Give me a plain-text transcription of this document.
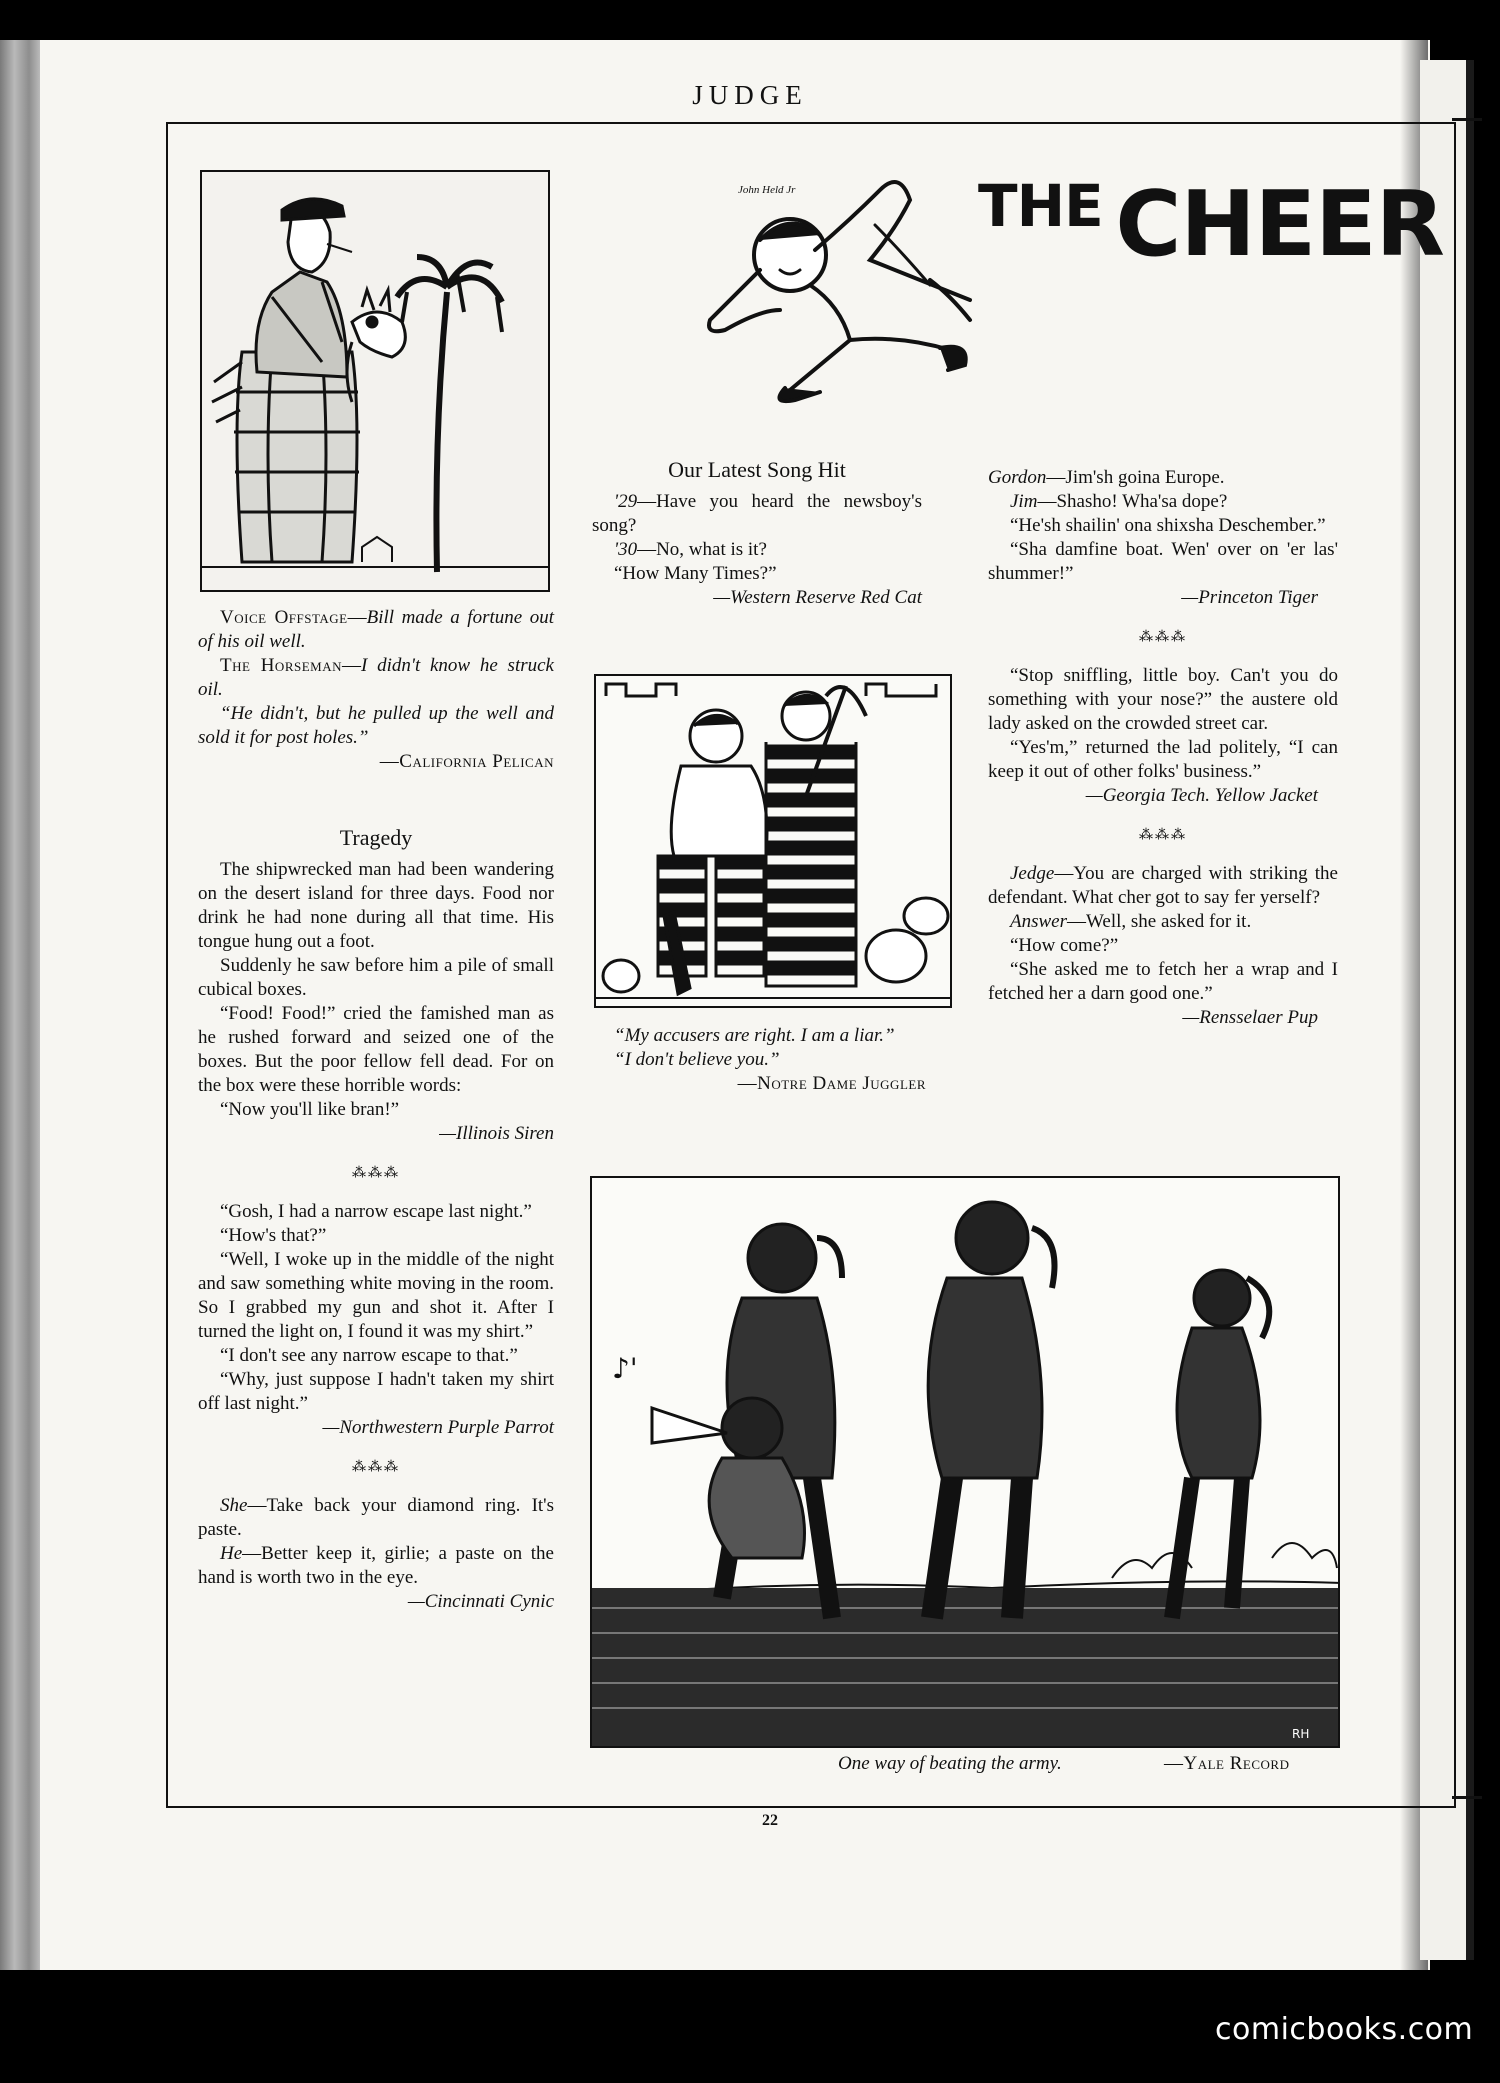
JUDGE
John Held Jr	THE CHEER

Voice Offstage—Bill made a fortune out of his oil well.

The Horseman—I didn't know he struck oil.

“He didn't, but he pulled up the well and sold it for post holes.”

—California Pelican
Tragedy

The shipwrecked man had been wandering on the desert island for three days. Food nor drink he had none during all that time. His tongue hung out a foot.

Suddenly he saw before him a pile of small cubical boxes.

“Food! Food!” cried the famished man as he rushed forward and seized one of the boxes. But the poor fellow fell dead. For on the box were these horrible words:

“Now you'll like bran!”

—Illinois Siren
⁂⁂⁂

“Gosh, I had a narrow escape last night.”

“How's that?”

“Well, I woke up in the middle of the night and saw something white moving in the room. So I grabbed my gun and shot it. After I turned the light on, I found it was my shirt.”

“I don't see any narrow escape to that.”

“Why, just suppose I hadn't taken my shirt off last night.”

—Northwestern Purple Parrot
⁂⁂⁂

She—Take back your diamond ring. It's paste.

He—Better keep it, girlie; a paste on the hand is worth two in the eye.

—Cincinnati Cynic
Our Latest Song Hit

'29—Have you heard the newsboy's song?

'30—No, what is it?

“How Many Times?”

—Western Reserve Red Cat

“My accusers are right. I am a liar.”

“I don't believe you.”

—Notre Dame Juggler

Gordon—Jim'sh goina Europe.

Jim—Shasho! Wha'sa dope?

“He'sh shailin' ona shixsha Deschember.”

“Sha damfine boat. Wen' over on 'er las' shummer!”

—Princeton Tiger
⁂⁂⁂

“Stop sniffling, little boy. Can't you do something with your nose?” the austere old lady asked on the crowded street car.

“Yes'm,” returned the lad politely, “I can keep it out of other folks' business.”

—Georgia Tech. Yellow Jacket
⁂⁂⁂

Jedge—You are charged with striking the defendant. What cher got to say fer yerself?

Answer—Well, she asked for it.

“How come?”

“She asked me to fetch her a wrap and I fetched her a darn good one.”

—Rensselaer Pup
♪'
RH
One way of beating the army.	—Yale Record
22
comicbooks.com
